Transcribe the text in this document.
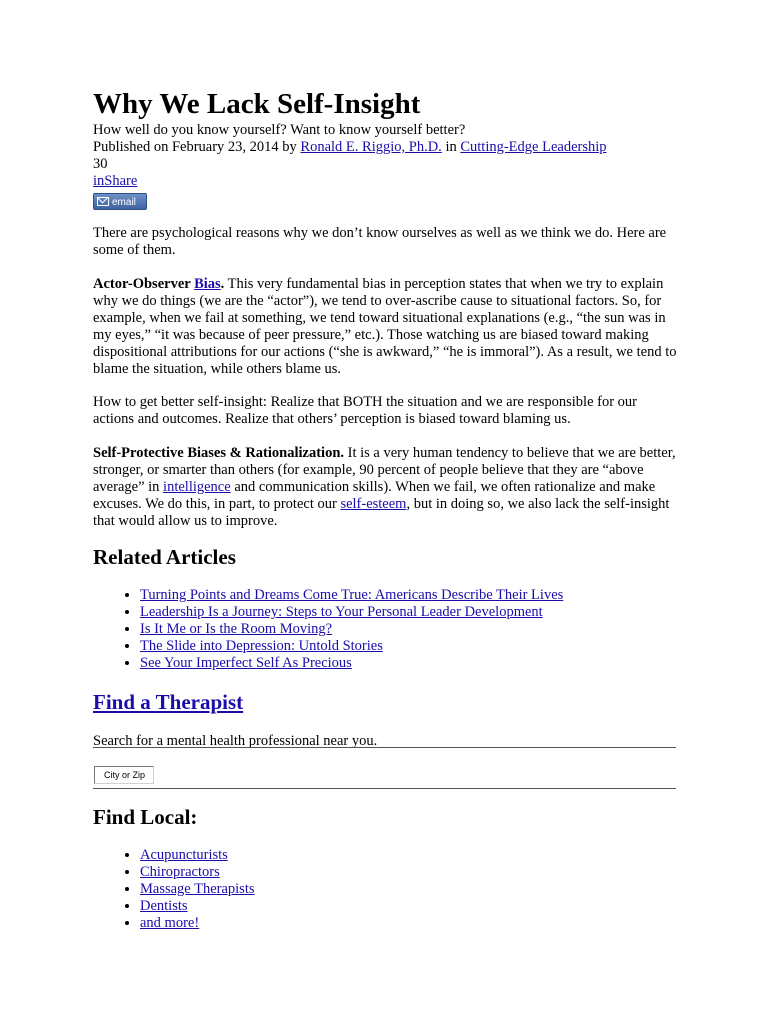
Why We Lack Self-Insight
How well do you know yourself? Want to know yourself better?
Published on February 23, 2014 by Ronald E. Riggio, Ph.D. in Cutting-Edge Leadership
30
inShare
email

There are psychological reasons why we don’t know ourselves as well as we think we do. Here are some of them.

Actor-Observer Bias. This very fundamental bias in perception states that when we try to explain why we do things (we are the “actor”), we tend to over-ascribe cause to situational factors. So, for example, when we fail at something, we tend toward situational explanations (e.g., “the sun was in my eyes,” “it was because of peer pressure,” etc.). Those watching us are biased toward making dispositional attributions for our actions (“she is awkward,” “he is immoral”). As a result, we tend to blame the situation, while others blame us.

How to get better self-insight: Realize that BOTH the situation and we are responsible for our actions and outcomes. Realize that others’ perception is biased toward blaming us.

Self-Protective Biases & Rationalization. It is a very human tendency to believe that we are better, stronger, or smarter than others (for example, 90 percent of people believe that they are “above average” in intelligence and communication skills). When we fail, we often rationalize and make excuses. We do this, in part, to protect our self-esteem, but in doing so, we also lack the self-insight that would allow us to improve.

Related Articles
• Turning Points and Dreams Come True: Americans Describe Their Lives
• Leadership Is a Journey: Steps to Your Personal Leader Development
• Is It Me or Is the Room Moving?
• The Slide into Depression: Untold Stories
• See Your Imperfect Self As Precious
Find a Therapist
Search for a mental health professional near you.
City or Zip
Find Local:
• Acupuncturists
• Chiropractors
• Massage Therapists
• Dentists
• and more!
